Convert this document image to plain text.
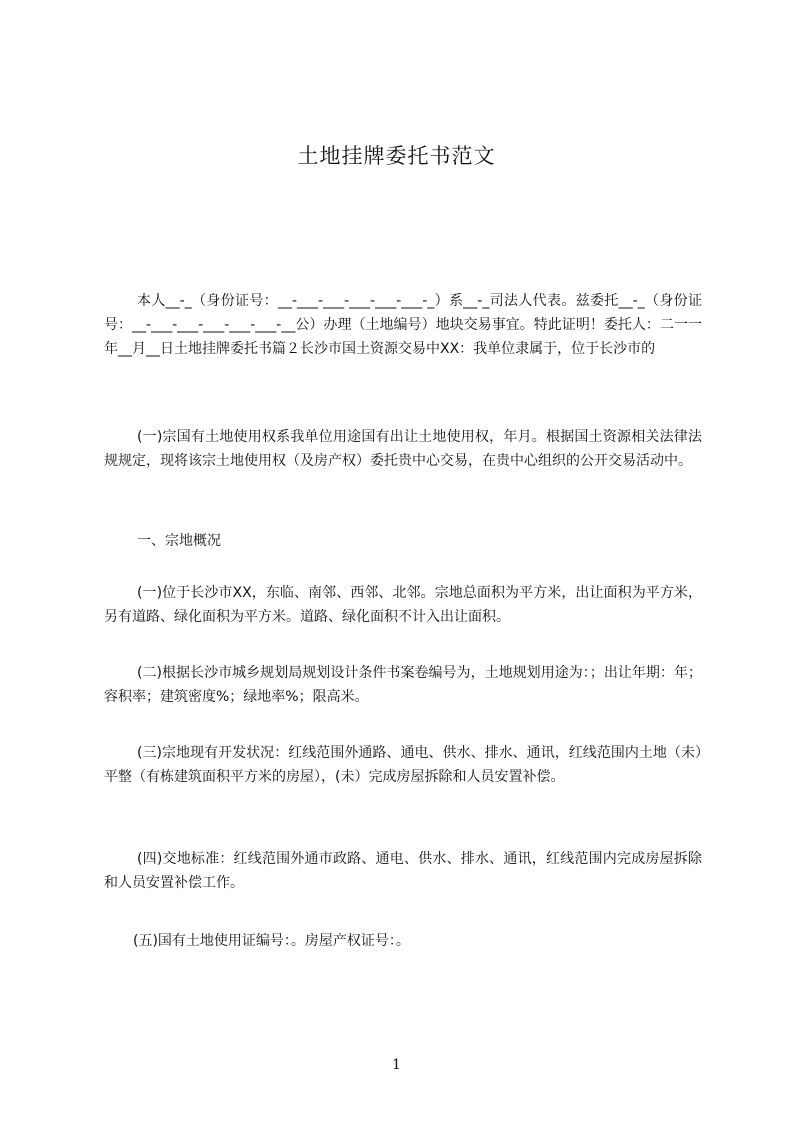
土地挂牌委托书范文

本人__-_（身份证号：__-___-___-___-___-___-_）系__-_司法人代表。兹委托__-_（身份证号：__-___-___-___-___-___-__公）办理（土地编号）地块交易事宜。特此证明！委托人：二一一年__月__日土地挂牌委托书篇２长沙市国土资源交易中XX：我单位隶属于，位于长沙市的

(一)宗国有土地使用权系我单位用途国有出让土地使用权，年月。根据国土资源相关法律法规规定，现将该宗土地使用权（及房产权）委托贵中心交易，在贵中心组织的公开交易活动中。

一、宗地概况

(一)位于长沙市XX，东临、南邻、西邻、北邻。宗地总面积为平方米，出让面积为平方米，另有道路、绿化面积为平方米。道路、绿化面积不计入出让面积。

(二)根据长沙市城乡规划局规划设计条件书案卷编号为，土地规划用途为：；出让年期：年；容积率；建筑密度%；绿地率%；限高米。

(三)宗地现有开发状况：红线范围外通路、通电、供水、排水、通讯，红线范围内土地（未）平整（有栋建筑面积平方米的房屋），(未）完成房屋拆除和人员安置补偿。

(四)交地标准：红线范围外通市政路、通电、供水、排水、通讯，红线范围内完成房屋拆除和人员安置补偿工作。

(五)国有土地使用证编号：。房屋产权证号：。

1
